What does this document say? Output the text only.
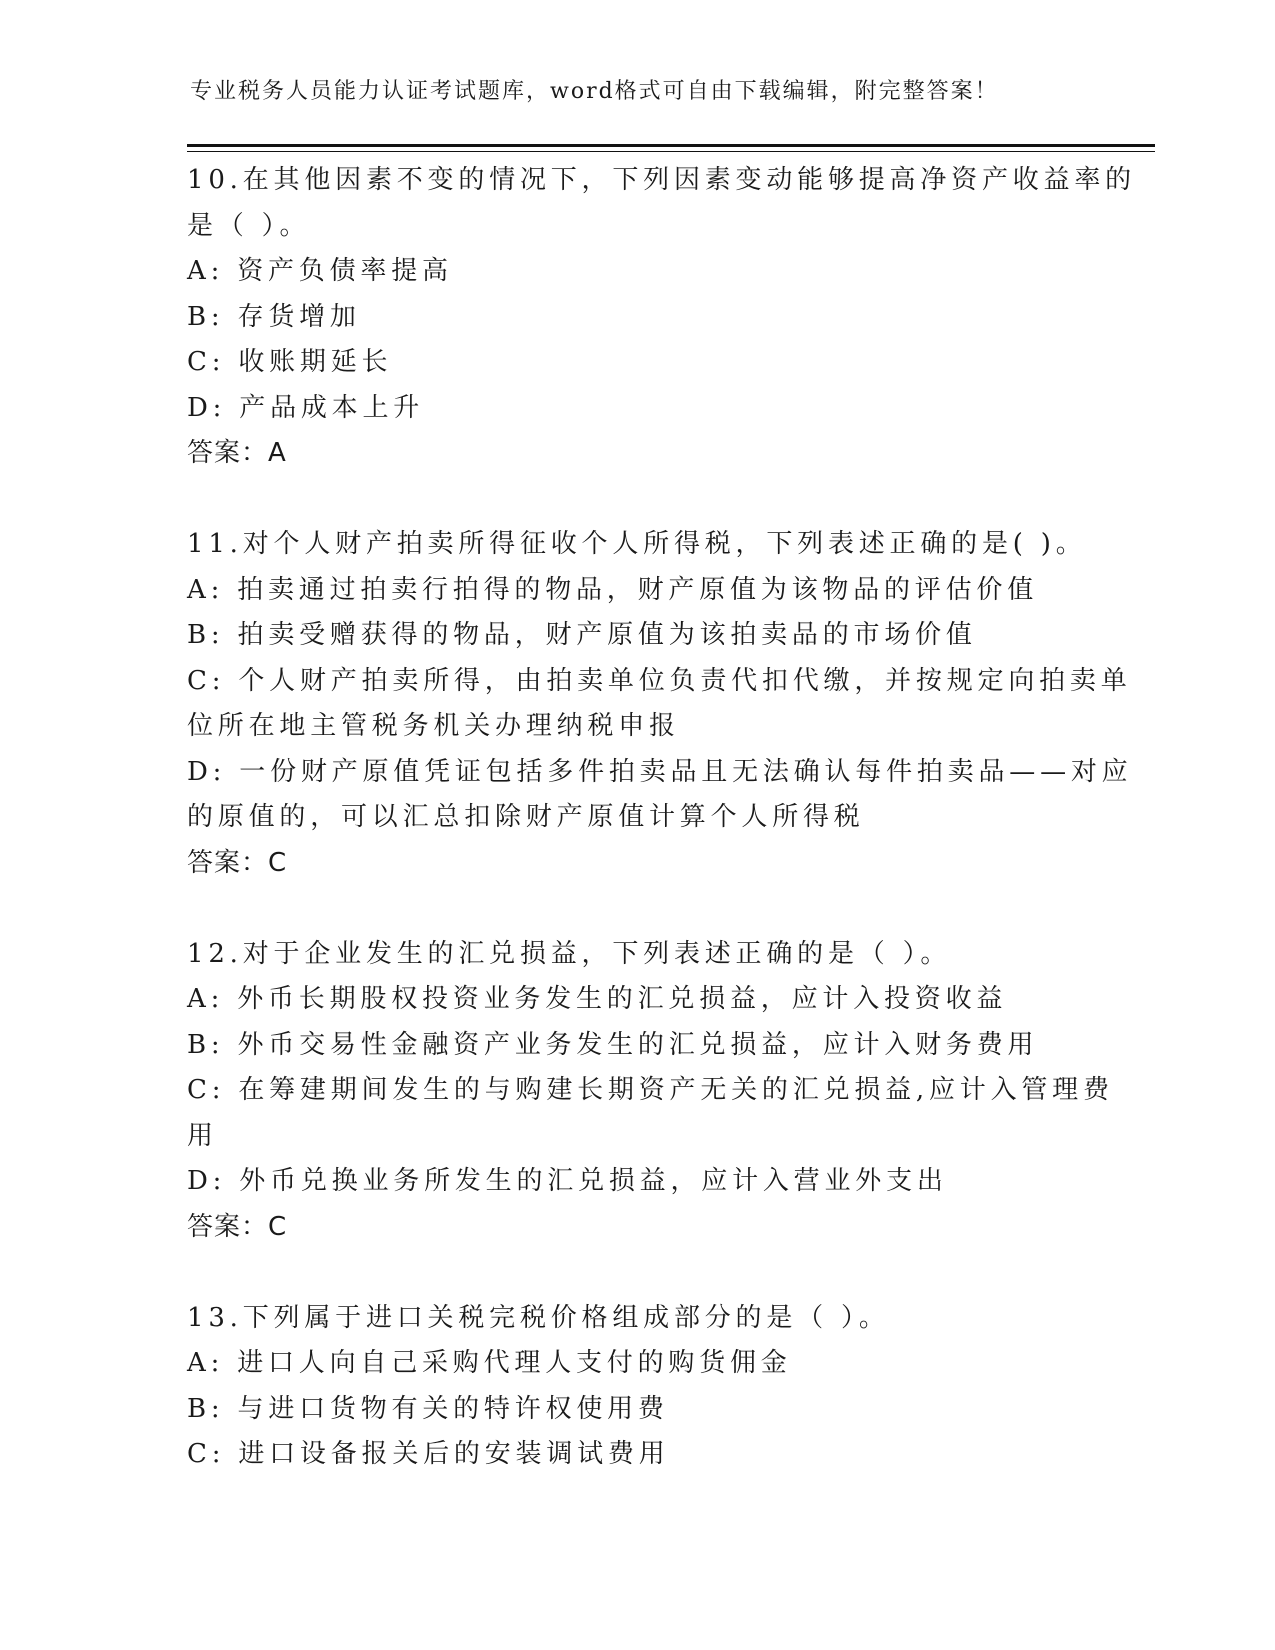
专业税务人员能力认证考试题库，word格式可自由下载编辑，附完整答案！
10.在其他因素不变的情况下，下列因素变动能够提高净资产收益率的
是（ ）。
A: 资产负债率提高
B: 存货增加
C: 收账期延长
D: 产品成本上升
答案：A
11.对个人财产拍卖所得征收个人所得税，下列表述正确的是( )。
A: 拍卖通过拍卖行拍得的物品，财产原值为该物品的评估价值
B: 拍卖受赠获得的物品，财产原值为该拍卖品的市场价值
C: 个人财产拍卖所得，由拍卖单位负责代扣代缴，并按规定向拍卖单
位所在地主管税务机关办理纳税申报
D: 一份财产原值凭证包括多件拍卖品且无法确认每件拍卖品——对应
的原值的，可以汇总扣除财产原值计算个人所得税
答案：C
12.对于企业发生的汇兑损益，下列表述正确的是（ ）。
A: 外币长期股权投资业务发生的汇兑损益，应计入投资收益
B: 外币交易性金融资产业务发生的汇兑损益，应计入财务费用
C: 在筹建期间发生的与购建长期资产无关的汇兑损益,应计入管理费
用
D: 外币兑换业务所发生的汇兑损益，应计入营业外支出
答案：C
13.下列属于进口关税完税价格组成部分的是（ ）。
A: 进口人向自己采购代理人支付的购货佣金
B: 与进口货物有关的特许权使用费
C: 进口设备报关后的安装调试费用
